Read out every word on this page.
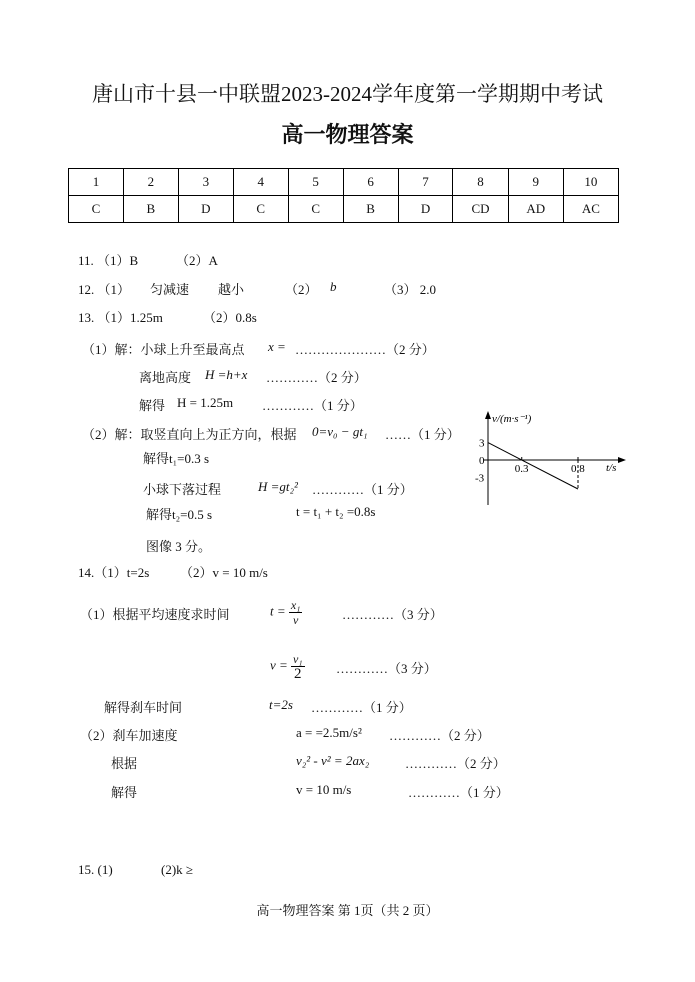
唐山市十县一中联盟2023-2024学年度第一学期期中考试
高一物理答案
1	2	3	4	5	6	7	8	9	10
C	B	D	C	C	B	D	CD	AD	AC
11. （1）B	（2）A
12. （1） 匀减速 越小	（2） b	（3） 2.0
13. （1）1.25m	（2）0.8s
（1）解：小球上升至最高点 x = …………………（2 分）
离地高度 H =h+x …………（2 分）
解得 H = 1.25m …………（1 分）
（2）解：取竖直向上为正方向，根据 0=v₀ − gt₁ ……（1 分）
解得t₁=0.3 s
小球下落过程	H =gt₂² …………（1 分）
解得t₂=0.5 s	t = t₁ + t₂ =0.8s
图像 3 分。
v/(m·s⁻¹)
t/s
0.3	0.8
3
0
-3
14.（1）t=2s （2）v = 10 m/s
（1）根据平均速度求时间	$t = \frac{\text{x₁}}{v}$	…………（3 分）
$v = \frac{\text{v₁}}{2}$ …………（3 分）
解得刹车时间	t=2s …………（1 分）
（2）刹车加速度	a = =2.5m/s² …………（2 分）
根据	v₂² - v² = 2ax₂	…………（2 分）
解得	v = 10 m/s	…………（1 分）
15. (1)	(2)k ≥
高一物理答案 第 1页（共 2 页）
